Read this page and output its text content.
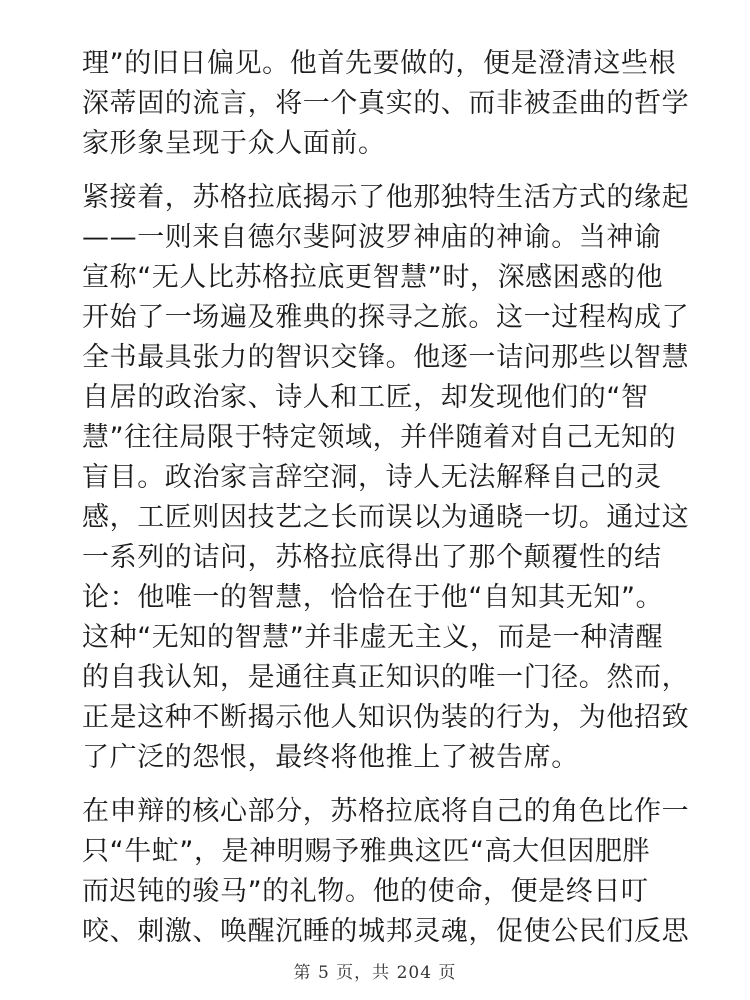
理”的旧日偏见。他首先要做的，便是澄清这些根
深蒂固的流言，将一个真实的、而非被歪曲的哲学
家形象呈现于众人面前。
紧接着，苏格拉底揭示了他那独特生活方式的缘起
——一则来自德尔斐阿波罗神庙的神谕。当神谕
宣称“无人比苏格拉底更智慧”时，深感困惑的他
开始了一场遍及雅典的探寻之旅。这一过程构成了
全书最具张力的智识交锋。他逐一诘问那些以智慧
自居的政治家、诗人和工匠，却发现他们的“智
慧”往往局限于特定领域，并伴随着对自己无知的
盲目。政治家言辞空洞，诗人无法解释自己的灵
感，工匠则因技艺之长而误以为通晓一切。通过这
一系列的诘问，苏格拉底得出了那个颠覆性的结
论：他唯一的智慧，恰恰在于他“自知其无知”。
这种“无知的智慧”并非虚无主义，而是一种清醒
的自我认知，是通往真正知识的唯一门径。然而，
正是这种不断揭示他人知识伪装的行为，为他招致
了广泛的怨恨，最终将他推上了被告席。
在申辩的核心部分，苏格拉底将自己的角色比作一
只“牛虻”，是神明赐予雅典这匹“高大但因肥胖
而迟钝的骏马”的礼物。他的使命，便是终日叮
咬、刺激、唤醒沉睡的城邦灵魂，促使公民们反思
第 5 页，共 204 页
